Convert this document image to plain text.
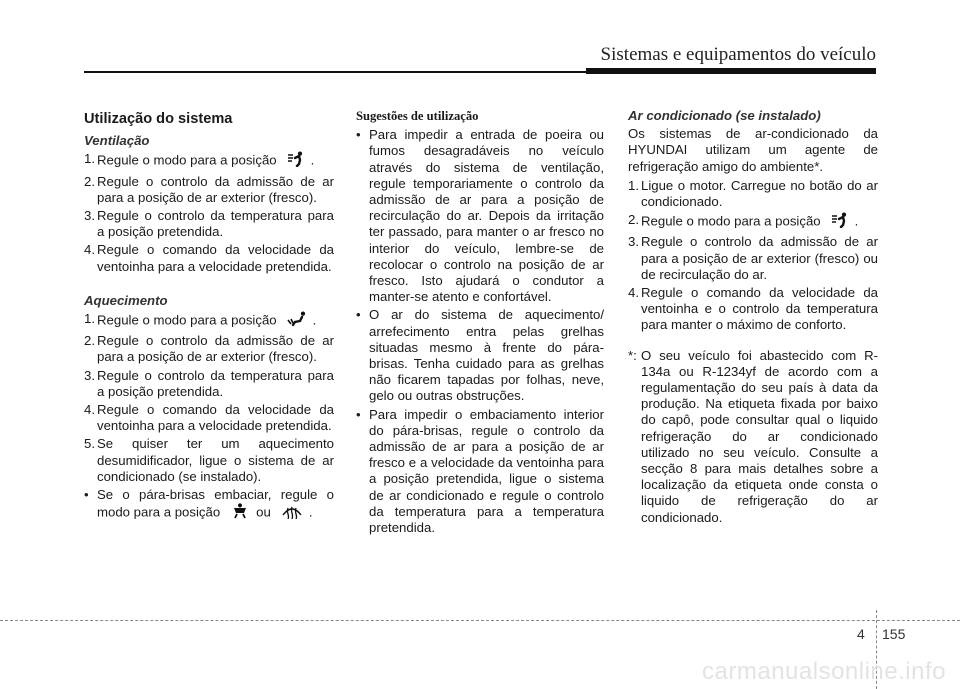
Sistemas e equipamentos do veículo
Utilização do sistema
Ventilação
1. Regule o modo para a posição	.
2. Regule o controlo da admissão de ar para a posição de ar exterior (fresco).
3. Regule o controlo da temperatura para a posição pretendida.
4. Regule o comando da velocidade da ventoinha para a velocidade pretendida.
Aquecimento
1. Regule o modo para a posição	.
2. Regule o controlo da admissão de ar para a posição de ar exterior (fresco).
3. Regule o controlo da temperatura para a posição pretendida.
4. Regule o comando da velocidade da ventoinha para a velocidade pretendida.
5. Se quiser ter um aquecimento desumidificador, ligue o sistema de ar condicionado (se instalado).
• Se o pára-brisas embaciar, regule o modo para a posição	ou	.
Sugestões de utilização
• Para impedir a entrada de poeira ou fumos desagradáveis no veículo através do sistema de ventilação, regule temporariamente o controlo da admissão de ar para a posição de recirculação do ar. Depois da irritação ter passado, para manter o ar fresco no interior do veículo, lembre-se de recolocar o controlo na posição de ar fresco. Isto ajudará o condutor a manter-se atento e confortável.
• O ar do sistema de aquecimento/ arrefecimento entra pelas grelhas situadas mesmo à frente do pára-brisas. Tenha cuidado para as grelhas não ficarem tapadas por folhas, neve, gelo ou outras obstruções.
• Para impedir o embaciamento interior do pára-brisas, regule o controlo da admissão de ar para a posição de ar fresco e a velocidade da ventoinha para a posição pretendida, ligue o sistema de ar condicionado e regule o controlo da temperatura para a temperatura pretendida.
Ar condicionado (se instalado)

Os sistemas de ar-condicionado da HYUNDAI utilizam um agente de refrigeração amigo do ambiente*.

1. Ligue o motor. Carregue no botão do ar condicionado.
2. Regule o modo para a posição	.
3. Regule o controlo da admissão de ar para a posição de ar exterior (fresco) ou de recirculação do ar.
4. Regule o comando da velocidade da ventoinha e o controlo da temperatura para manter o máximo de conforto.
*: O seu veículo foi abastecido com R-134a ou R-1234yf de acordo com a regulamentação do seu país à data da produção. Na etiqueta fixada por baixo do capô, pode consultar qual o liquido refrigeração do ar condicionado utilizado no seu veículo. Consulte a secção 8 para mais detalhes sobre a localização da etiqueta onde consta o liquido de refrigeração do ar condicionado.
4 155
carmanualsonline.info
